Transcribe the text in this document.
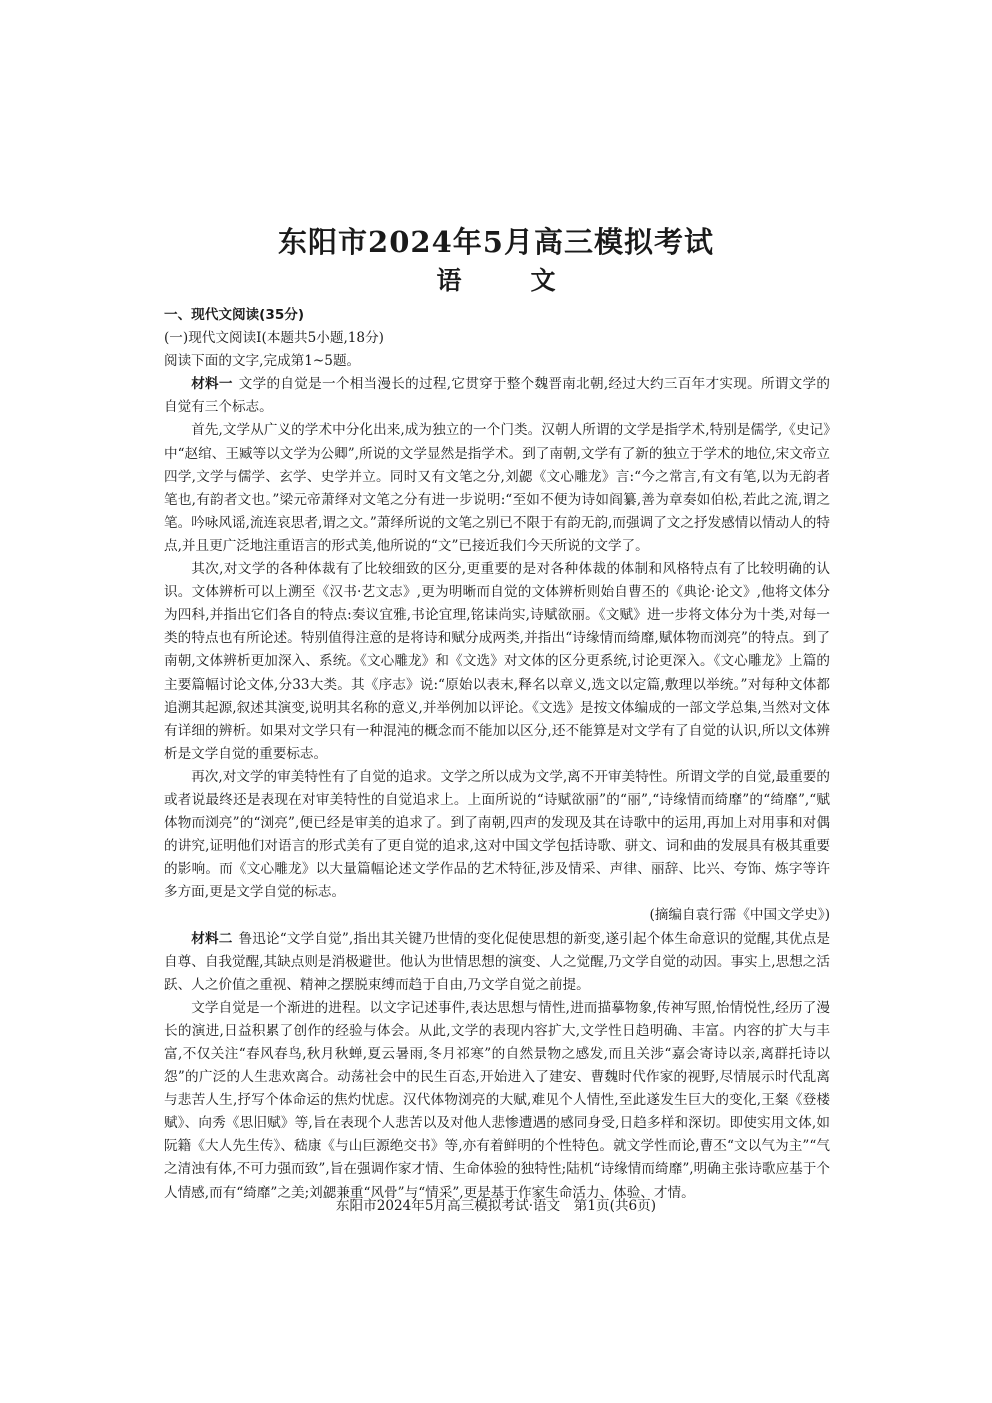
东阳市2024年5月高三模拟考试
语　文

一、现代文阅读(35分)

(一)现代文阅读Ⅰ(本题共5小题,18分)

阅读下面的文字,完成第1~5题。

材料一 文学的自觉是一个相当漫长的过程,它贯穿于整个魏晋南北朝,经过大约三百年才实现。所谓文学的自觉有三个标志。

首先,文学从广义的学术中分化出来,成为独立的一个门类。汉朝人所谓的文学是指学术,特别是儒学,《史记》中“赵绾、王臧等以文学为公卿”,所说的文学显然是指学术。到了南朝,文学有了新的独立于学术的地位,宋文帝立四学,文学与儒学、玄学、史学并立。同时又有文笔之分,刘勰《文心雕龙》言:“今之常言,有文有笔,以为无韵者笔也,有韵者文也。”梁元帝萧绎对文笔之分有进一步说明:“至如不便为诗如阎纂,善为章奏如伯松,若此之流,谓之笔。吟咏风谣,流连哀思者,谓之文。”萧绎所说的文笔之别已不限于有韵无韵,而强调了文之抒发感情以情动人的特点,并且更广泛地注重语言的形式美,他所说的“文”已接近我们今天所说的文学了。

其次,对文学的各种体裁有了比较细致的区分,更重要的是对各种体裁的体制和风格特点有了比较明确的认识。文体辨析可以上溯至《汉书·艺文志》,更为明晰而自觉的文体辨析则始自曹丕的《典论·论文》,他将文体分为四科,并指出它们各自的特点:奏议宜雅,书论宜理,铭诔尚实,诗赋欲丽。《文赋》进一步将文体分为十类,对每一类的特点也有所论述。特别值得注意的是将诗和赋分成两类,并指出“诗缘情而绮靡,赋体物而浏亮”的特点。到了南朝,文体辨析更加深入、系统。《文心雕龙》和《文选》对文体的区分更系统,讨论更深入。《文心雕龙》上篇的主要篇幅讨论文体,分33大类。其《序志》说:“原始以表末,释名以章义,选文以定篇,敷理以举统。”对每种文体都追溯其起源,叙述其演变,说明其名称的意义,并举例加以评论。《文选》是按文体编成的一部文学总集,当然对文体有详细的辨析。如果对文学只有一种混沌的概念而不能加以区分,还不能算是对文学有了自觉的认识,所以文体辨析是文学自觉的重要标志。

再次,对文学的审美特性有了自觉的追求。文学之所以成为文学,离不开审美特性。所谓文学的自觉,最重要的或者说最终还是表现在对审美特性的自觉追求上。上面所说的“诗赋欲丽”的“丽”,“诗缘情而绮靡”的“绮靡”,“赋体物而浏亮”的“浏亮”,便已经是审美的追求了。到了南朝,四声的发现及其在诗歌中的运用,再加上对用事和对偶的讲究,证明他们对语言的形式美有了更自觉的追求,这对中国文学包括诗歌、骈文、词和曲的发展具有极其重要的影响。而《文心雕龙》以大量篇幅论述文学作品的艺术特征,涉及情采、声律、丽辞、比兴、夸饰、炼字等许多方面,更是文学自觉的标志。

(摘编自袁行霈《中国文学史》)

材料二 鲁迅论“文学自觉”,指出其关键乃世情的变化促使思想的新变,遂引起个体生命意识的觉醒,其优点是自尊、自我觉醒,其缺点则是消极避世。他认为世情思想的演变、人之觉醒,乃文学自觉的动因。事实上,思想之活跃、人之价值之重视、精神之摆脱束缚而趋于自由,乃文学自觉之前提。

文学自觉是一个渐进的进程。以文字记述事件,表达思想与情性,进而描摹物象,传神写照,怡情悦性,经历了漫长的演进,日益积累了创作的经验与体会。从此,文学的表现内容扩大,文学性日趋明确、丰富。内容的扩大与丰富,不仅关注“春风春鸟,秋月秋蝉,夏云暑雨,冬月祁寒”的自然景物之感发,而且关涉“嘉会寄诗以亲,离群托诗以怨”的广泛的人生悲欢离合。动荡社会中的民生百态,开始进入了建安、曹魏时代作家的视野,尽情展示时代乱离与悲苦人生,抒写个体命运的焦灼忧虑。汉代体物浏亮的大赋,难见个人情性,至此遂发生巨大的变化,王粲《登楼赋》、向秀《思旧赋》等,旨在表现个人悲苦以及对他人悲惨遭遇的感同身受,日趋多样和深切。即使实用文体,如阮籍《大人先生传》、嵇康《与山巨源绝交书》等,亦有着鲜明的个性特色。就文学性而论,曹丕“文以气为主”“气之清浊有体,不可力强而致”,旨在强调作家才情、生命体验的独特性;陆机“诗缘情而绮靡”,明确主张诗歌应基于个人情感,而有“绮靡”之美;刘勰兼重“风骨”与“情采”,更是基于作家生命活力、体验、才情。

东阳市2024年5月高三模拟考试·语文　第1页(共6页)
